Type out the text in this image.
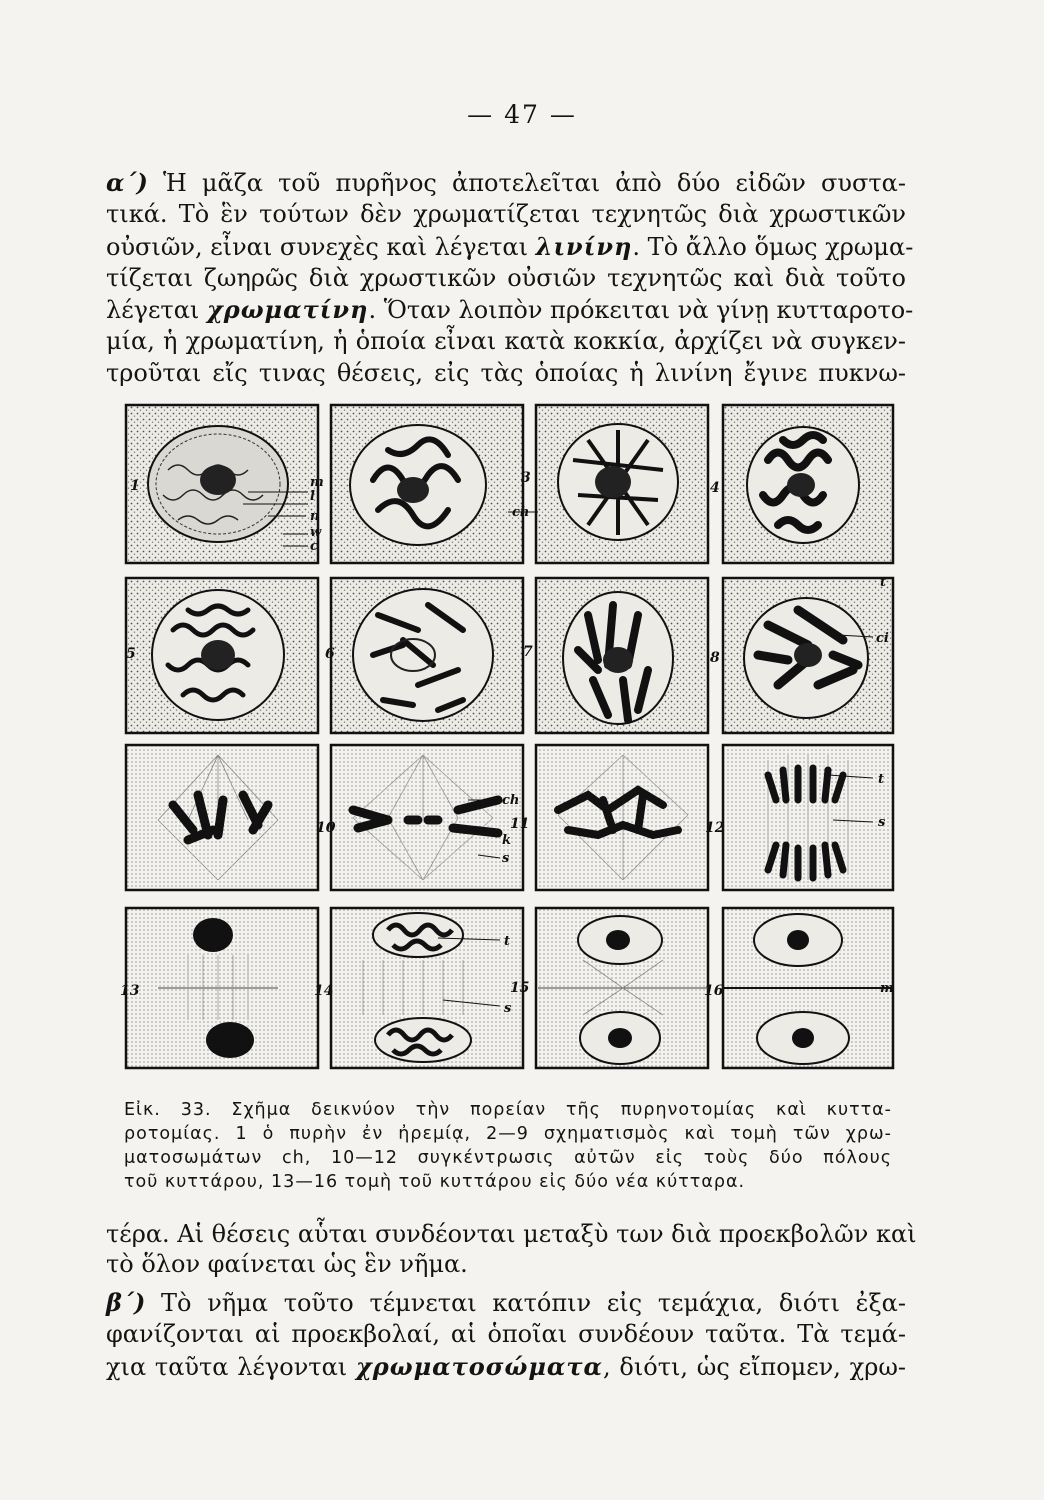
— 47 —
α΄) Ἡ μᾶζα τοῦ πυρῆνος ἀποτελεῖται ἀπὸ δύο εἰδῶν συστα-
τικά. Τὸ ἓν τούτων δὲν χρωματίζεται τεχνητῶς διὰ χρωστικῶν
οὐσιῶν, εἶναι συνεχὲς καὶ λέγεται λινίνη. Τὸ ἄλλο ὅμως χρωμα-
τίζεται ζωηρῶς διὰ χρωστικῶν οὐσιῶν τεχνητῶς καὶ διὰ τοῦτο
λέγεται χρωματίνη. Ὅταν λοιπὸν πρόκειται νὰ γίνῃ κυτταροτο-
μία, ἡ χρωματίνη, ἡ ὁποία εἶναι κατὰ κοκκία, ἀρχίζει νὰ συγκεν-
τροῦται εἴς τινας θέσεις, εἰς τὰς ὁποίας ἡ λινίνη ἔγινε πυκνω-
1	3
4
5	6	7	8
10	11	12
13	14	15	16
m
l
n
w
c
ch
t
ci
ch
k
s
t
s
t
s
m
Εἰκ. 33. Σχῆμα δεικνύον τὴν πορείαν τῆς πυρηνοτομίας καὶ κυττα-
ροτομίας. 1 ὁ πυρὴν ἐν ἠρεμίᾳ, 2—9 σχηματισμὸς καὶ τομὴ τῶν χρω-
ματοσωμάτων ch, 10—12 συγκέντρωσις αὐτῶν εἰς τοὺς δύο πόλους
τοῦ κυττάρου, 13—16 τομὴ τοῦ κυττάρου εἰς δύο νέα κύτταρα.
τέρα. Αἱ θέσεις αὗται συνδέονται μεταξὺ των διὰ προεκβολῶν καὶ
τὸ ὅλον φαίνεται ὡς ἓν νῆμα.
β΄) Τὸ νῆμα τοῦτο τέμνεται κατόπιν εἰς τεμάχια, διότι ἐξα-
φανίζονται αἱ προεκβολαί, αἱ ὁποῖαι συνδέουν ταῦτα. Τὰ τεμά-
χια ταῦτα λέγονται χρωματοσώματα, διότι, ὡς εἴπομεν, χρω-
